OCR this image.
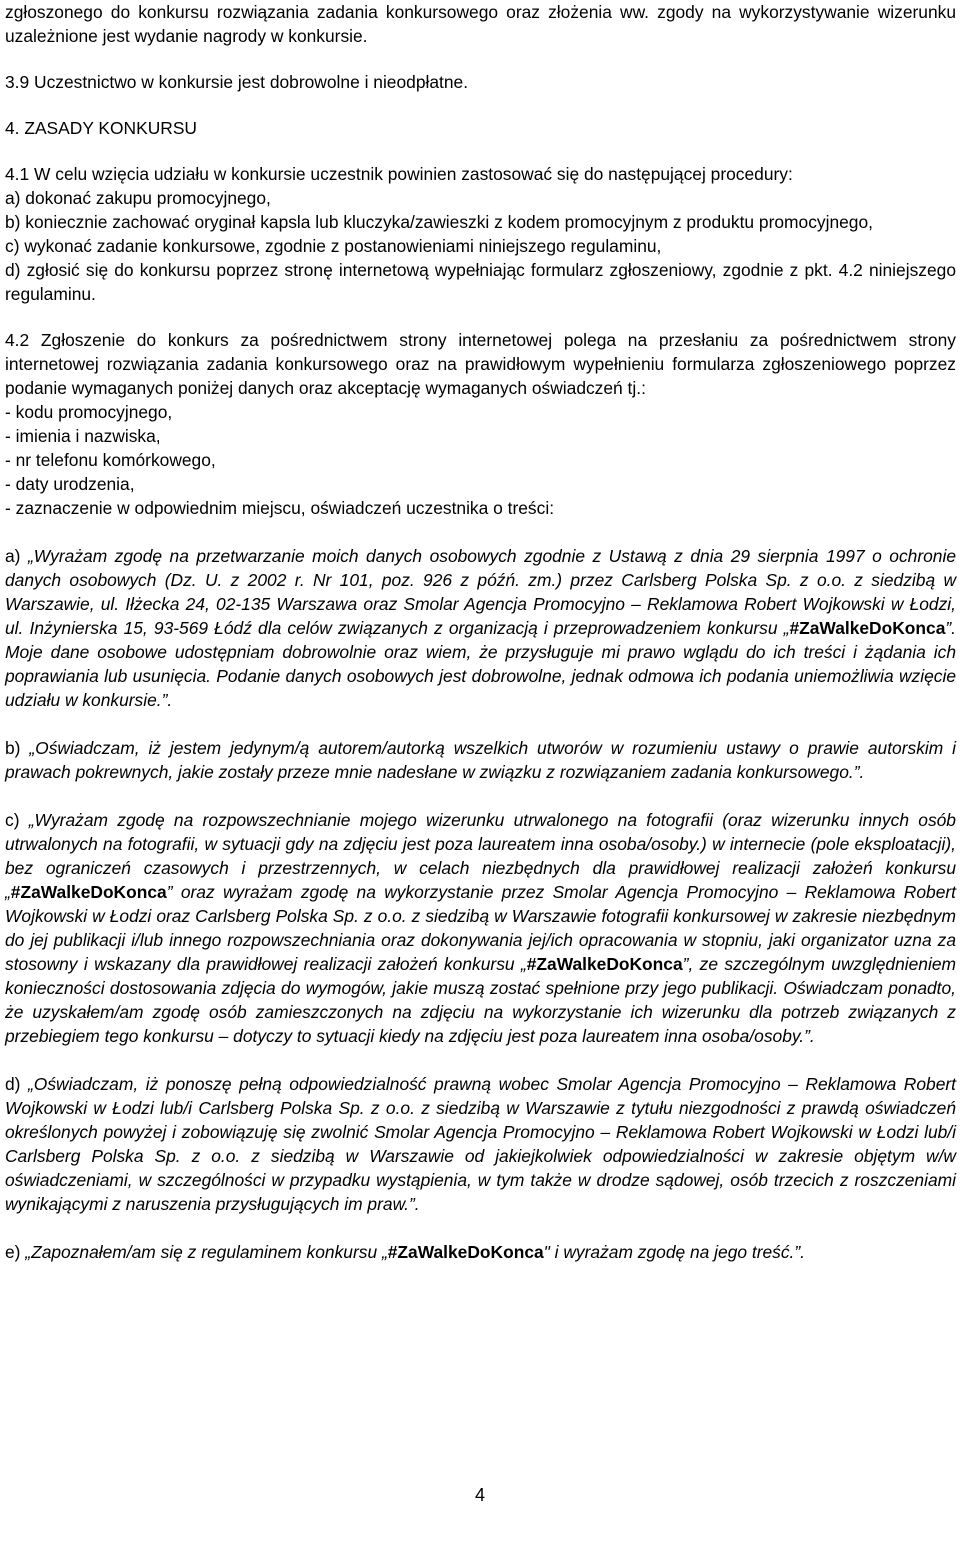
zgłoszonego do konkursu rozwiązania zadania konkursowego oraz złożenia ww. zgody na wykorzystywanie wizerunku uzależnione jest wydanie nagrody w konkursie.

3.9 Uczestnictwo w konkursie jest dobrowolne i nieodpłatne.

4. ZASADY KONKURSU

4.1 W celu wzięcia udziału w konkursie uczestnik powinien zastosować się do następującej procedury:

a) dokonać zakupu promocyjnego,

b) koniecznie zachować oryginał kapsla lub kluczyka/zawieszki z kodem promocyjnym z produktu promocyjnego,

c) wykonać zadanie konkursowe, zgodnie z postanowieniami niniejszego regulaminu,

d) zgłosić się do konkursu poprzez stronę internetową wypełniając formularz zgłoszeniowy, zgodnie z pkt. 4.2 niniejszego regulaminu.

4.2 Zgłoszenie do konkurs za pośrednictwem strony internetowej polega na przesłaniu za pośrednictwem strony internetowej rozwiązania zadania konkursowego oraz na prawidłowym wypełnieniu formularza zgłoszeniowego poprzez podanie wymaganych poniżej danych oraz akceptację wymaganych oświadczeń tj.:

- kodu promocyjnego,

- imienia i nazwiska,

- nr telefonu komórkowego,

- daty urodzenia,

- zaznaczenie w odpowiednim miejscu, oświadczeń uczestnika o treści:

a) „Wyrażam zgodę na przetwarzanie moich danych osobowych zgodnie z Ustawą z dnia 29 sierpnia 1997 o ochronie danych osobowych (Dz. U. z 2002 r. Nr 101, poz. 926 z późń. zm.) przez Carlsberg Polska Sp. z o.o. z siedzibą w Warszawie, ul. Iłżecka 24, 02-135 Warszawa oraz Smolar Agencja Promocyjno – Reklamowa Robert Wojkowski w Łodzi, ul. Inżynierska 15, 93-569 Łódź dla celów związanych z organizacją i przeprowadzeniem konkursu „#ZaWalkeDoKonca”. Moje dane osobowe udostępniam dobrowolnie oraz wiem, że przysługuje mi prawo wglądu do ich treści i żądania ich poprawiania lub usunięcia. Podanie danych osobowych jest dobrowolne, jednak odmowa ich podania uniemożliwia wzięcie udziału w konkursie.”.

b) „Oświadczam, iż jestem jedynym/ą autorem/autorką wszelkich utworów w rozumieniu ustawy o prawie autorskim i prawach pokrewnych, jakie zostały przeze mnie nadesłane w związku z rozwiązaniem zadania konkursowego.”.

c) „Wyrażam zgodę na rozpowszechnianie mojego wizerunku utrwalonego na fotografii (oraz wizerunku innych osób utrwalonych na fotografii, w sytuacji gdy na zdjęciu jest poza laureatem inna osoba/osoby.) w internecie (pole eksploatacji), bez ograniczeń czasowych i przestrzennych, w celach niezbędnych dla prawidłowej realizacji założeń konkursu „#ZaWalkeDoKonca” oraz wyrażam zgodę na wykorzystanie przez Smolar Agencja Promocyjno – Reklamowa Robert Wojkowski w Łodzi oraz Carlsberg Polska Sp. z o.o. z siedzibą w Warszawie fotografii konkursowej w zakresie niezbędnym do jej publikacji i/lub innego rozpowszechniania oraz dokonywania jej/ich opracowania w stopniu, jaki organizator uzna za stosowny i wskazany dla prawidłowej realizacji założeń konkursu „#ZaWalkeDoKonca”, ze szczególnym uwzględnieniem konieczności dostosowania zdjęcia do wymogów, jakie muszą zostać spełnione przy jego publikacji. Oświadczam ponadto, że uzyskałem/am zgodę osób zamieszczonych na zdjęciu na wykorzystanie ich wizerunku dla potrzeb związanych z przebiegiem tego konkursu – dotyczy to sytuacji kiedy na zdjęciu jest poza laureatem inna osoba/osoby.”.

d) „Oświadczam, iż ponoszę pełną odpowiedzialność prawną wobec Smolar Agencja Promocyjno – Reklamowa Robert Wojkowski w Łodzi lub/i Carlsberg Polska Sp. z o.o. z siedzibą w Warszawie z tytułu niezgodności z prawdą oświadczeń określonych powyżej i zobowiązuję się zwolnić Smolar Agencja Promocyjno – Reklamowa Robert Wojkowski w Łodzi lub/i Carlsberg Polska Sp. z o.o. z siedzibą w Warszawie od jakiejkolwiek odpowiedzialności w zakresie objętym w/w oświadczeniami, w szczególności w przypadku wystąpienia, w tym także w drodze sądowej, osób trzecich z roszczeniami wynikającymi z naruszenia przysługujących im praw.”.

e) „Zapoznałem/am się z regulaminem konkursu „#ZaWalkeDoKonca" i wyrażam zgodę na jego treść.”.

4
